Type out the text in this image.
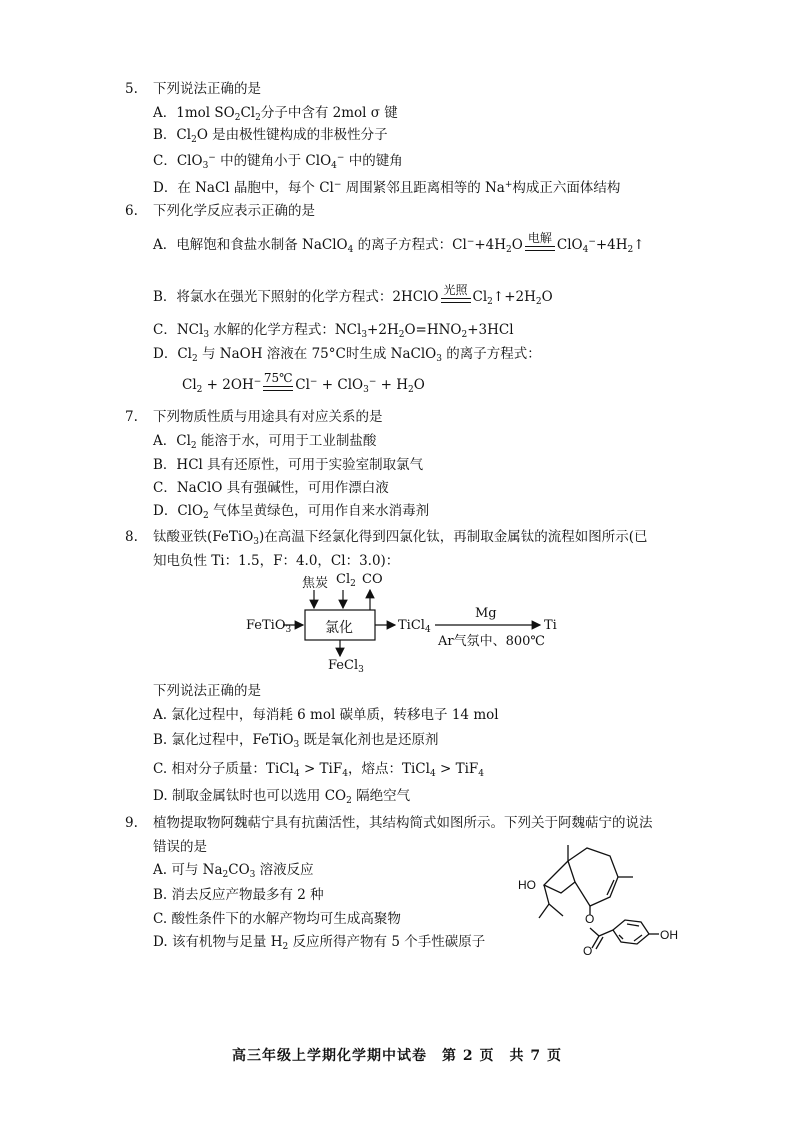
5. 下列说法正确的是
A．1mol $SO_2Cl_2$分子中含有 2mol σ 键
B．$Cl_2O$ 是由极性键构成的非极性分子
C．ClO$_3$− 中的键角小于 ClO$_4$− 中的键角
D．在 NaCl 晶胞中，每个 Cl− 周围紧邻且距离相等的 Na+构成正六面体结构
6. 下列化学反应表示正确的是
A．电解饱和食盐水制备 NaClO$_4$ 的离子方程式：$Cl^-+4H_2O$ 电解 $ClO_4^-+4H_2↑$
B．将氯水在强光下照射的化学方程式：2HClO 光照 $Cl_2↑+2H_2O$
C．NCl$_3$ 水解的化学方程式：$NCl_3+2H_2O=HNO_2+3HCl$
D．$Cl_2$ 与 NaOH 溶液在 75°C时生成 NaClO$_3$ 的离子方程式：
$Cl_2 + 2OH^-$ 75℃ $Cl^- + ClO_3^- + H_2O$
7. 下列物质性质与用途具有对应关系的是
A．$Cl_2$ 能溶于水，可用于工业制盐酸
B．HCl 具有还原性，可用于实验室制取氯气
C．NaClO 具有强碱性，可用作漂白液
D．ClO$_2$ 气体呈黄绿色，可用作自来水消毒剂
8. 钛酸亚铁(FeTiO$_3$)在高温下经氯化得到四氯化钛，再制取金属钛的流程如图所示(已
知电负性 Ti：1.5，F：4.0，Cl：3.0)：
FeTiO$_3$ 氯化
焦炭 $Cl_2$ CO
FeCl$_3$
TiCl$_4$
Mg
Ar气氛中、800℃
Ti
下列说法正确的是
A. 氯化过程中，每消耗 6 mol 碳单质，转移电子 14 mol
B. 氯化过程中，FeTiO$_3$ 既是氧化剂也是还原剂
C. 相对分子质量：TiCl$_4$ > TiF$_4$，熔点：TiCl$_4$ > TiF$_4$
D. 制取金属钛时也可以选用 $CO_2$ 隔绝空气
9. 植物提取物阿魏萜宁具有抗菌活性，其结构简式如图所示。下列关于阿魏萜宁的说法
错误的是
A. 可与 $Na_2CO_3$ 溶液反应
B. 消去反应产物最多有 2 种
C. 酸性条件下的水解产物均可生成高聚物
D. 该有机物与足量 $H_2$ 反应所得产物有 5 个手性碳原子
HO
O
O
OH
高三年级上学期化学期中试卷　第 2 页　共 7 页
